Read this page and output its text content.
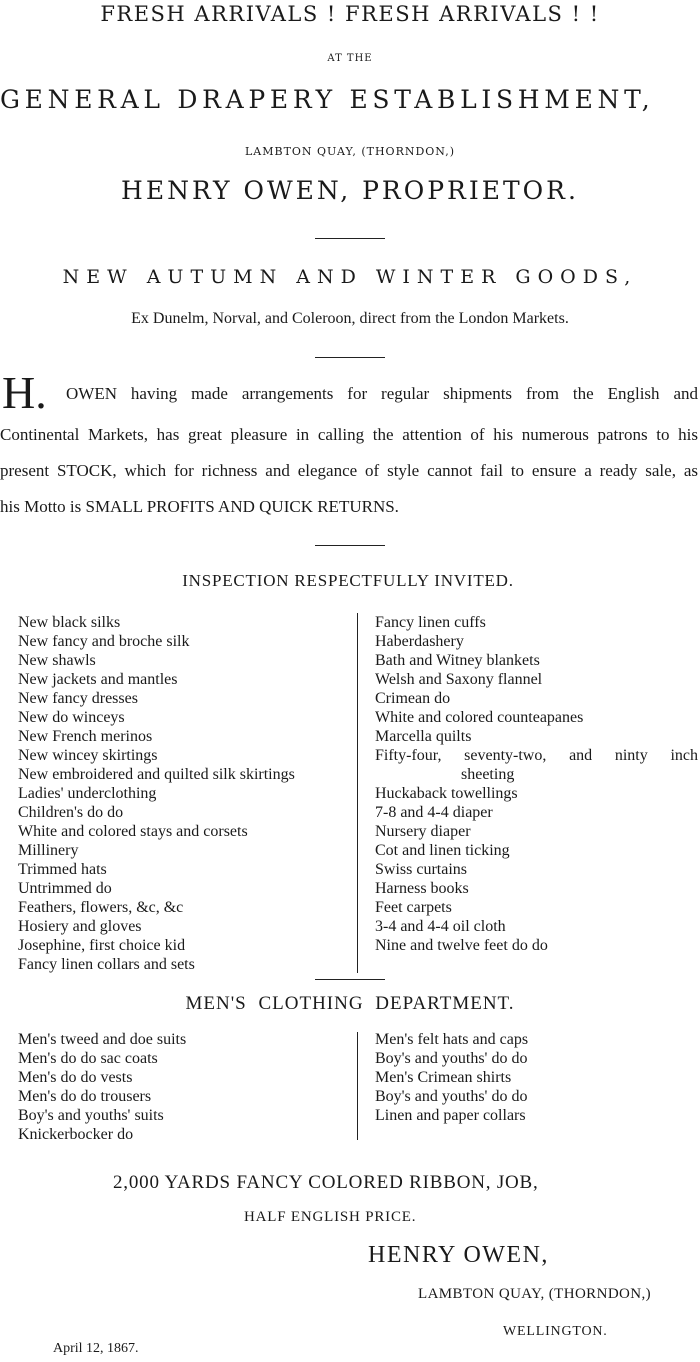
FRESH ARRIVALS ! FRESH ARRIVALS ! !
AT THE
GENERAL DRAPERY ESTABLISHMENT,
LAMBTON QUAY, (THORNDON,)
HENRY OWEN, PROPRIETOR.
NEW AUTUMN AND WINTER GOODS,
Ex Dunelm, Norval, and Coleroon, direct from the London Markets.
H. OWEN having made arrangements for regular shipments from the English and
Continental Markets, has great pleasure in calling the attention of his numerous patrons to his
present STOCK, which for richness and elegance of style cannot fail to ensure a ready sale, as
his Motto is SMALL PROFITS AND QUICK RETURNS.
INSPECTION RESPECTFULLY INVITED.
New black silks
New fancy and broche silk
New shawls
New jackets and mantles
New fancy dresses
New do winceys
New French merinos
New wincey skirtings
New embroidered and quilted silk skirtings
Ladies' underclothing
Children's do do
White and colored stays and corsets
Millinery
Trimmed hats
Untrimmed do
Feathers, flowers, &c, &c
Hosiery and gloves
Josephine, first choice kid
Fancy linen collars and sets
Fancy linen cuffs
Haberdashery
Bath and Witney blankets
Welsh and Saxony flannel
Crimean do
White and colored counteapanes
Marcella quilts
Fifty-four, seventy-two, and ninty inch
sheeting
Huckaback towellings
7-8 and 4-4 diaper
Nursery diaper
Cot and linen ticking
Swiss curtains
Harness books
Feet carpets
3-4 and 4-4 oil cloth
Nine and twelve feet do do
MEN'S CLOTHING DEPARTMENT.
Men's tweed and doe suits
Men's do do sac coats
Men's do do vests
Men's do do trousers
Boy's and youths' suits
Knickerbocker do
Men's felt hats and caps
Boy's and youths' do do
Men's Crimean shirts
Boy's and youths' do do
Linen and paper collars
2,000 YARDS FANCY COLORED RIBBON, JOB,
HALF ENGLISH PRICE.
HENRY OWEN,
LAMBTON QUAY, (THORNDON,)
WELLINGTON.
April 12, 1867.
